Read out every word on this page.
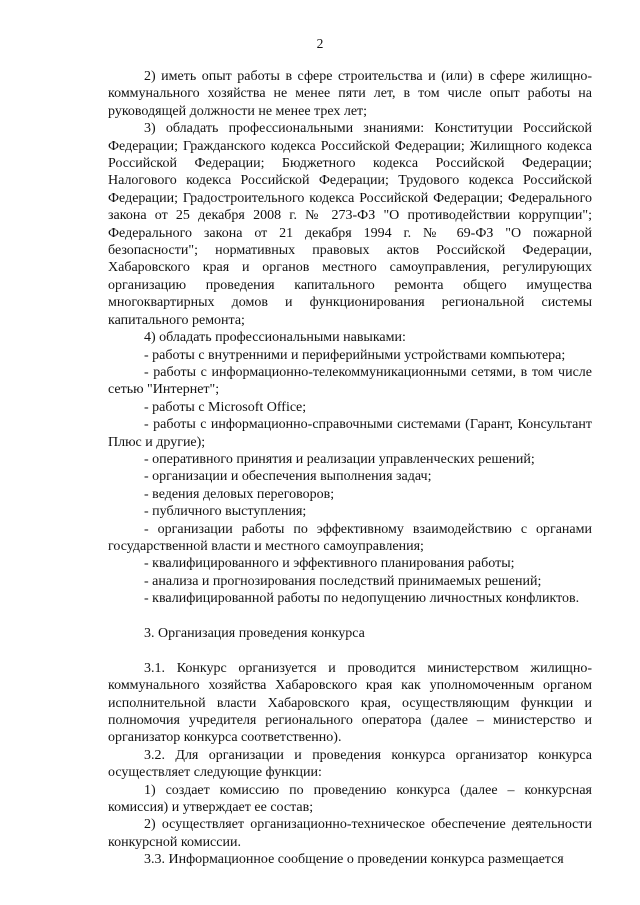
2

2) иметь опыт работы в сфере строительства и (или) в сфере жилищно-коммунального хозяйства не менее пяти лет, в том числе опыт работы на руководящей должности не менее трех лет;

3) обладать профессиональными знаниями: Конституции Российской Федерации; Гражданского кодекса Российской Федерации; Жилищного кодекса Российской Федерации; Бюджетного кодекса Российской Федерации; Налогового кодекса Российской Федерации; Трудового кодекса Российской Федерации; Градостроительного кодекса Российской Федерации; Федерального закона от 25 декабря 2008 г. № 273-ФЗ "О противодействии коррупции"; Федерального закона от 21 декабря 1994 г. № 69-ФЗ "О пожарной безопасности"; нормативных правовых актов Российской Федерации, Хабаровского края и органов местного самоуправления, регулирующих организацию проведения капитального ремонта общего имущества многоквартирных домов и функционирования региональной системы капитального ремонта;

4) обладать профессиональными навыками:

- работы с внутренними и периферийными устройствами компьютера;

- работы с информационно-телекоммуникационными сетями, в том числе сетью "Интернет";

- работы с Microsoft Office;

- работы с информационно-справочными системами (Гарант, Консультант Плюс и другие);

- оперативного принятия и реализации управленческих решений;

- организации и обеспечения выполнения задач;

- ведения деловых переговоров;

- публичного выступления;

- организации работы по эффективному взаимодействию с органами государственной власти и местного самоуправления;

- квалифицированного и эффективного планирования работы;

- анализа и прогнозирования последствий принимаемых решений;

- квалифицированной работы по недопущению личностных конфликтов.

3. Организация проведения конкурса

3.1. Конкурс организуется и проводится министерством жилищно-коммунального хозяйства Хабаровского края как уполномоченным органом исполнительной власти Хабаровского края, осуществляющим функции и полномочия учредителя регионального оператора (далее – министерство и организатор конкурса соответственно).

3.2. Для организации и проведения конкурса организатор конкурса осуществляет следующие функции:

1) создает комиссию по проведению конкурса (далее – конкурсная комиссия) и утверждает ее состав;

2) осуществляет организационно-техническое обеспечение деятельности конкурсной комиссии.

3.3. Информационное сообщение о проведении конкурса размещается
